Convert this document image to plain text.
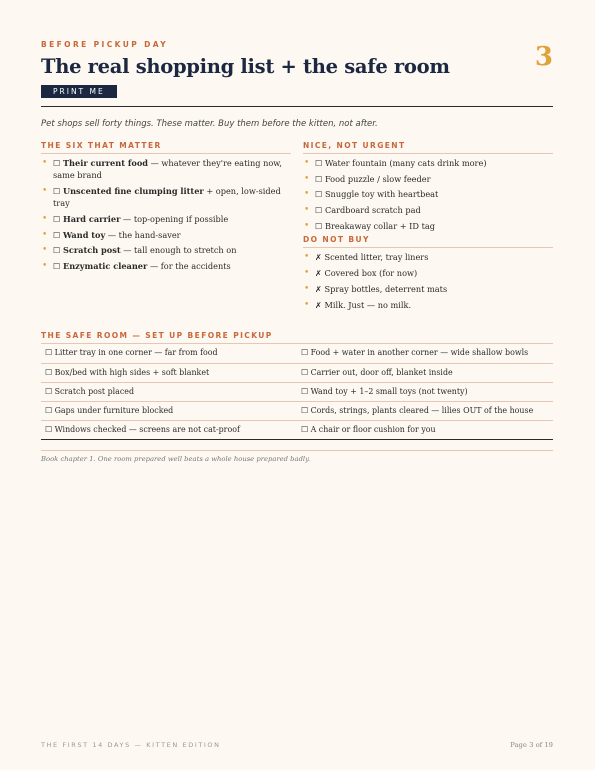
BEFORE PICKUP DAY	3
The real shopping list + the safe room
PRINT ME

Pet shops sell forty things. These matter. Buy them before the kitten, not after.

THE SIX THAT MATTER
• ☐ Their current food — whatever they're eating now, same brand
• ☐ Unscented fine clumping litter + open, low-sided tray
• ☐ Hard carrier — top-opening if possible
• ☐ Wand toy — the hand-saver
• ☐ Scratch post — tall enough to stretch on
• ☐ Enzymatic cleaner — for the accidents
NICE, NOT URGENT
• ☐ Water fountain (many cats drink more)
• ☐ Food puzzle / slow feeder
• ☐ Snuggle toy with heartbeat
• ☐ Cardboard scratch pad
• ☐ Breakaway collar + ID tag
DO NOT BUY
• ✗ Scented litter, tray liners
• ✗ Covered box (for now)
• ✗ Spray bottles, deterrent mats
• ✗ Milk. Just — no milk.
THE SAFE ROOM — SET UP BEFORE PICKUP
☐ Litter tray in one corner — far from food	☐ Food + water in another corner — wide shallow bowls
☐ Box/bed with high sides + soft blanket	☐ Carrier out, door off, blanket inside
☐ Scratch post placed	☐ Wand toy + 1–2 small toys (not twenty)
☐ Gaps under furniture blocked	☐ Cords, strings, plants cleared — lilies OUT of the house
☐ Windows checked — screens are not cat-proof	☐ A chair or floor cushion for you

Book chapter 1. One room prepared well beats a whole house prepared badly.

THE FIRST 14 DAYS — KITTEN EDITION	Page 3 of 19
